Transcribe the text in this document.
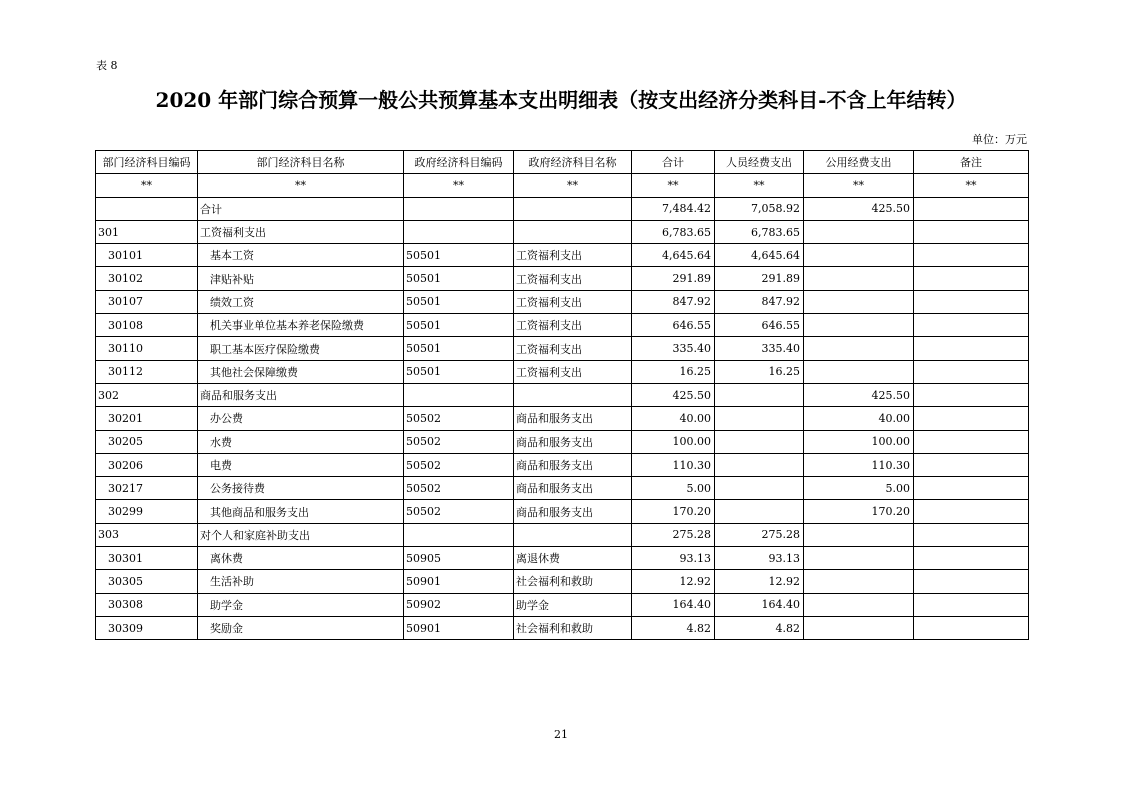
表 8
2020 年部门综合预算一般公共预算基本支出明细表（按支出经济分类科目-不含上年结转）
单位：万元
部门经济科目编码	部门经济科目名称	政府经济科目编码	政府经济科目名称	合计	人员经费支出	公用经费支出	备注
**	**	**	**	**	**	**	**
	合计			7,484.42	7,058.92	425.50	
301	工资福利支出			6,783.65	6,783.65		
30101	基本工资	50501	工资福利支出	4,645.64	4,645.64		
30102	津贴补贴	50501	工资福利支出	291.89	291.89		
30107	绩效工资	50501	工资福利支出	847.92	847.92		
30108	机关事业单位基本养老保险缴费	50501	工资福利支出	646.55	646.55		
30110	职工基本医疗保险缴费	50501	工资福利支出	335.40	335.40		
30112	其他社会保障缴费	50501	工资福利支出	16.25	16.25		
302	商品和服务支出			425.50		425.50	
30201	办公费	50502	商品和服务支出	40.00		40.00	
30205	水费	50502	商品和服务支出	100.00		100.00	
30206	电费	50502	商品和服务支出	110.30		110.30	
30217	公务接待费	50502	商品和服务支出	5.00		5.00	
30299	其他商品和服务支出	50502	商品和服务支出	170.20		170.20	
303	对个人和家庭补助支出			275.28	275.28		
30301	离休费	50905	离退休费	93.13	93.13		
30305	生活补助	50901	社会福利和救助	12.92	12.92		
30308	助学金	50902	助学金	164.40	164.40		
30309	奖励金	50901	社会福利和救助	4.82	4.82		
21
